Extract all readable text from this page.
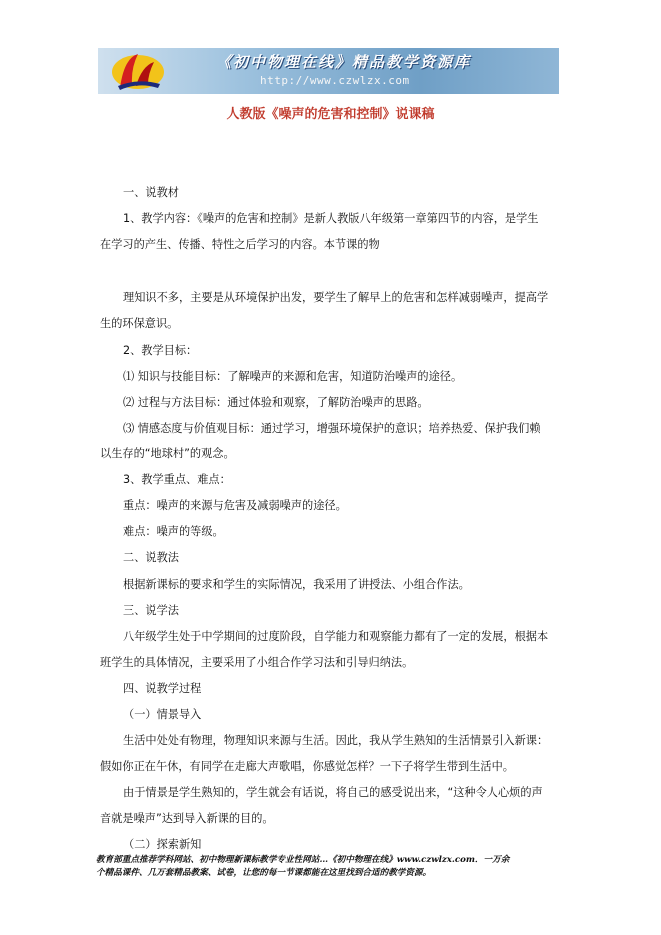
《初中物理在线》精品教学资源库
http://www.czwlzx.com
人教版《噪声的危害和控制》说课稿
一、说教材
1、教学内容：《噪声的危害和控制》是新人教版八年级第一章第四节的内容，是学生
在学习的产生、传播、特性之后学习的内容。本节课的物
理知识不多，主要是从环境保护出发，要学生了解早上的危害和怎样减弱噪声，提高学
生的环保意识。
2、教学目标：
⑴ 知识与技能目标：了解噪声的来源和危害，知道防治噪声的途径。
⑵ 过程与方法目标：通过体验和观察，了解防治噪声的思路。
⑶ 情感态度与价值观目标：通过学习，增强环境保护的意识；培养热爱、保护我们赖
以生存的“地球村”的观念。
3、教学重点、难点：
重点：噪声的来源与危害及减弱噪声的途径。
难点：噪声的等级。
二、说教法
根据新课标的要求和学生的实际情况，我采用了讲授法、小组合作法。
三、说学法
八年级学生处于中学期间的过度阶段，自学能力和观察能力都有了一定的发展，根据本
班学生的具体情况，主要采用了小组合作学习法和引导归纳法。
四、说教学过程
（一）情景导入
生活中处处有物理，物理知识来源与生活。因此，我从学生熟知的生活情景引入新课：
假如你正在午休，有同学在走廊大声歌唱，你感觉怎样？一下子将学生带到生活中。
由于情景是学生熟知的，学生就会有话说，将自己的感受说出来，“这种令人心烦的声
音就是噪声”达到导入新课的目的。
（二）探索新知
教育部重点推荐学科网站、初中物理新课标教学专业性网站…《初中物理在线》www.czwlzx.com．一万余
个精品课件、几万套精品教案、试卷，让您的每一节课都能在这里找到合适的教学资源。
